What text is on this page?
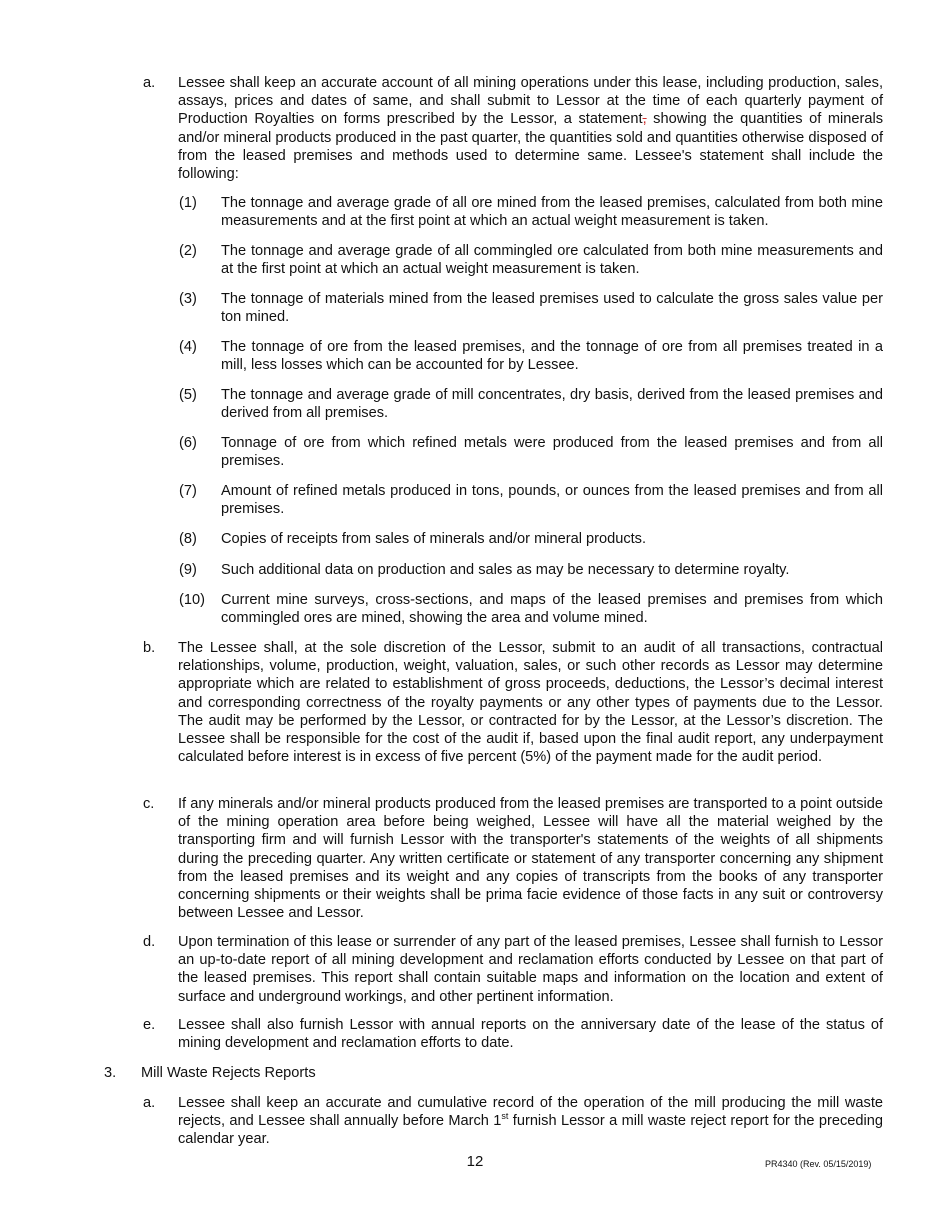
a. Lessee shall keep an accurate account of all mining operations under this lease, including production, sales, assays, prices and dates of same, and shall submit to Lessor at the time of each quarterly payment of Production Royalties on forms prescribed by the Lessor, a statement, showing the quantities of minerals and/or mineral products produced in the past quarter, the quantities sold and quantities otherwise disposed of from the leased premises and methods used to determine same. Lessee's statement shall include the following:

(1) The tonnage and average grade of all ore mined from the leased premises, calculated from both mine measurements and at the first point at which an actual weight measurement is taken.

(2) The tonnage and average grade of all commingled ore calculated from both mine measurements and at the first point at which an actual weight measurement is taken.

(3) The tonnage of materials mined from the leased premises used to calculate the gross sales value per ton mined.

(4) The tonnage of ore from the leased premises, and the tonnage of ore from all premises treated in a mill, less losses which can be accounted for by Lessee.

(5) The tonnage and average grade of mill concentrates, dry basis, derived from the leased premises and derived from all premises.

(6) Tonnage of ore from which refined metals were produced from the leased premises and from all premises.

(7) Amount of refined metals produced in tons, pounds, or ounces from the leased premises and from all premises.

(8) Copies of receipts from sales of minerals and/or mineral products.

(9) Such additional data on production and sales as may be necessary to determine royalty.

(10) Current mine surveys, cross-sections, and maps of the leased premises and premises from which commingled ores are mined, showing the area and volume mined.

b. The Lessee shall, at the sole discretion of the Lessor, submit to an audit of all transactions, contractual relationships, volume, production, weight, valuation, sales, or such other records as Lessor may determine appropriate which are related to establishment of gross proceeds, deductions, the Lessor’s decimal interest and corresponding correctness of the royalty payments or any other types of payments due to the Lessor. The audit may be performed by the Lessor, or contracted for by the Lessor, at the Lessor’s discretion. The Lessee shall be responsible for the cost of the audit if, based upon the final audit report, any underpayment calculated before interest is in excess of five percent (5%) of the payment made for the audit period.

c. If any minerals and/or mineral products produced from the leased premises are transported to a point outside of the mining operation area before being weighed, Lessee will have all the material weighed by the transporting firm and will furnish Lessor with the transporter's statements of the weights of all shipments during the preceding quarter. Any written certificate or statement of any transporter concerning any shipment from the leased premises and its weight and any copies of transcripts from the books of any transporter concerning shipments or their weights shall be prima facie evidence of those facts in any suit or controversy between Lessee and Lessor.

d. Upon termination of this lease or surrender of any part of the leased premises, Lessee shall furnish to Lessor an up-to-date report of all mining development and reclamation efforts conducted by Lessee on that part of the leased premises. This report shall contain suitable maps and information on the location and extent of surface and underground workings, and other pertinent information.

e. Lessee shall also furnish Lessor with annual reports on the anniversary date of the lease of the status of mining development and reclamation efforts to date.

3. Mill Waste Rejects Reports

a. Lessee shall keep an accurate and cumulative record of the operation of the mill producing the mill waste rejects, and Lessee shall annually before March 1st furnish Lessor a mill waste reject report for the preceding calendar year.

12	PR4340 (Rev. 05/15/2019)
